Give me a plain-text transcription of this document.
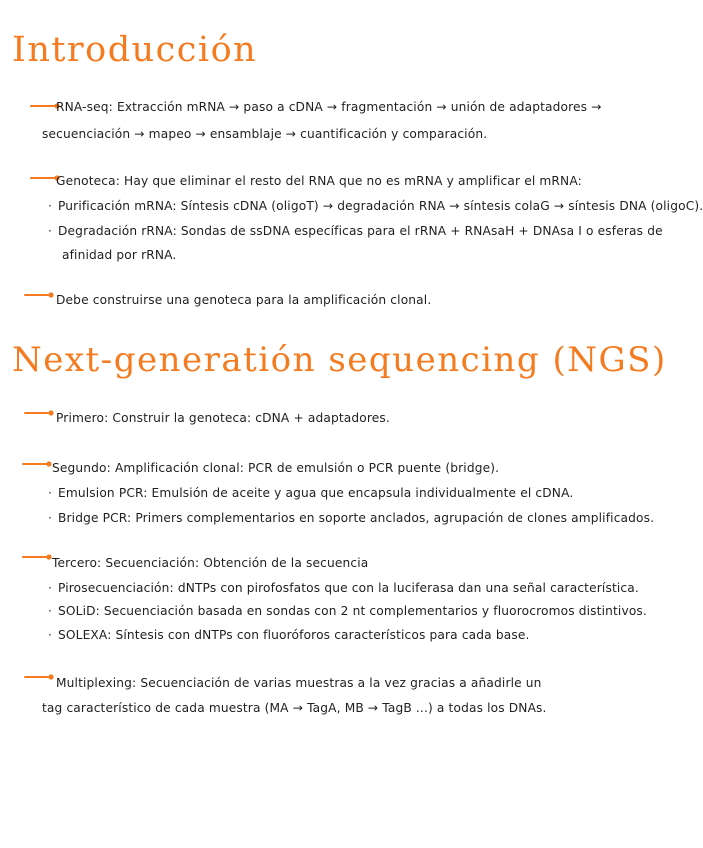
Introducción
RNA-seq: Extracción mRNA → paso a cDNA → fragmentación → unión de adaptadores →
secuenciación → mapeo → ensamblaje → cuantificación y comparación.
Genoteca: Hay que eliminar el resto del RNA que no es mRNA y amplificar el mRNA:
· Purificación mRNA: Síntesis cDNA (oligoT) → degradación RNA → síntesis colaG → síntesis DNA (oligoC).
· Degradación rRNA: Sondas de ssDNA específicas para el rRNA + RNAsaH + DNAsa I o esferas de
afinidad por rRNA.
Debe construirse una genoteca para la amplificación clonal.
Next-generatión sequencing (NGS)
Primero: Construir la genoteca: cDNA + adaptadores.
Segundo: Amplificación clonal: PCR de emulsión o PCR puente (bridge).
· Emulsion PCR: Emulsión de aceite y agua que encapsula individualmente el cDNA.
· Bridge PCR: Primers complementarios en soporte anclados, agrupación de clones amplificados.
Tercero: Secuenciación: Obtención de la secuencia
· Pirosecuenciación: dNTPs con pirofosfatos que con la luciferasa dan una señal característica.
· SOLiD: Secuenciación basada en sondas con 2 nt complementarios y fluorocromos distintivos.
· SOLEXA: Síntesis con dNTPs con fluoróforos característicos para cada base.
Multiplexing: Secuenciación de varias muestras a la vez gracias a añadirle un
tag característico de cada muestra (MA → TagA, MB → TagB ...) a todas los DNAs.
